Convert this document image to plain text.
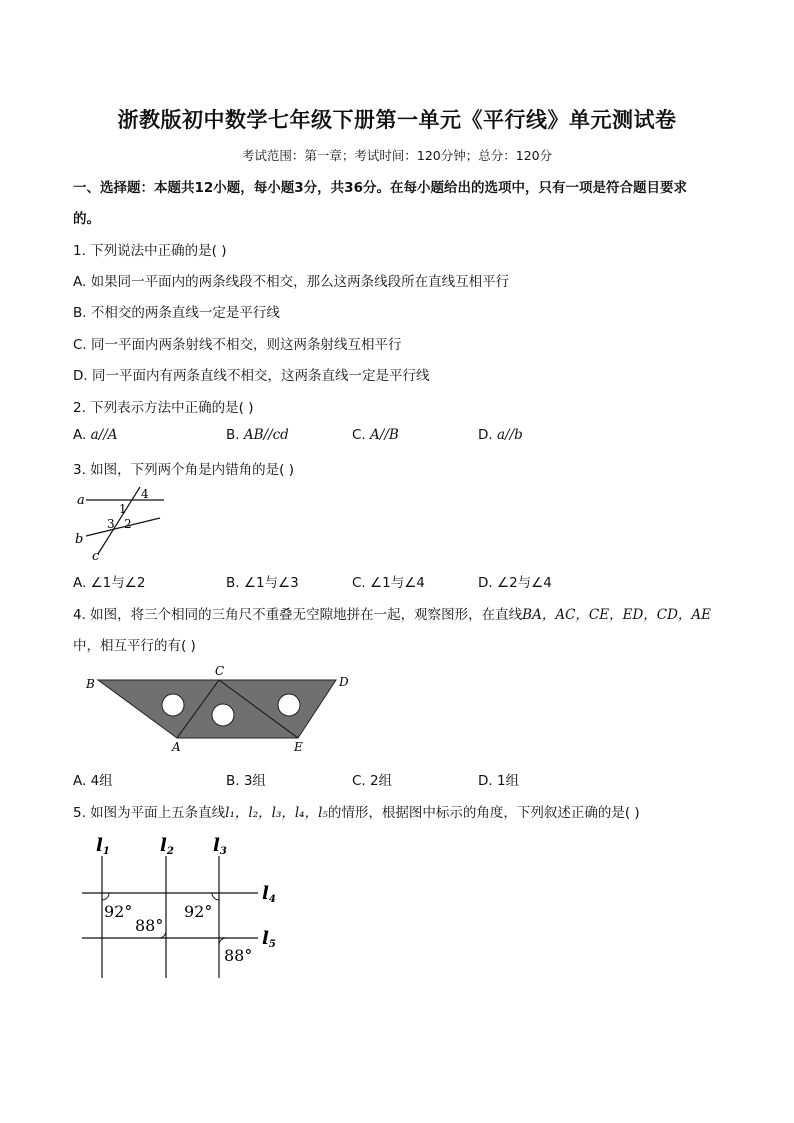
浙教版初中数学七年级下册第一单元《平行线》单元测试卷
考试范围：第一章；考试时间：120分钟；总分：120分
一、选择题：本题共12小题，每小题3分，共36分。在每小题给出的选项中，只有一项是符合题目要求
的。
1. 下列说法中正确的是( )
A. 如果同一平面内的两条线段不相交，那么这两条线段所在直线互相平行
B. 不相交的两条直线一定是平行线
C. 同一平面内两条射线不相交，则这两条射线互相平行
D. 同一平面内有两条直线不相交，这两条直线一定是平行线
2. 下列表示方法中正确的是( )
A. a//A	B. AB//cd	C. A//B	D. a//b
3. 如图，下列两个角是内错角的是( )
a
b
c
1
2
3
4
A. ∠1与∠2	B. ∠1与∠3	C. ∠1与∠4	D. ∠2与∠4
4. 如图，将三个相同的三角尺不重叠无空隙地拼在一起，观察图形，在直线BA，AC，CE，ED，CD，AE
中，相互平行的有( )
B
C
D
A	E
A. 4组	B. 3组	C. 2组	D. 1组
5. 如图为平面上五条直线l₁，l₂，l₃，l₄，l₅的情形，根据图中标示的角度，下列叙述正确的是( )
l1	l2 l3
l4
l5
92°
88°
92°
88°
